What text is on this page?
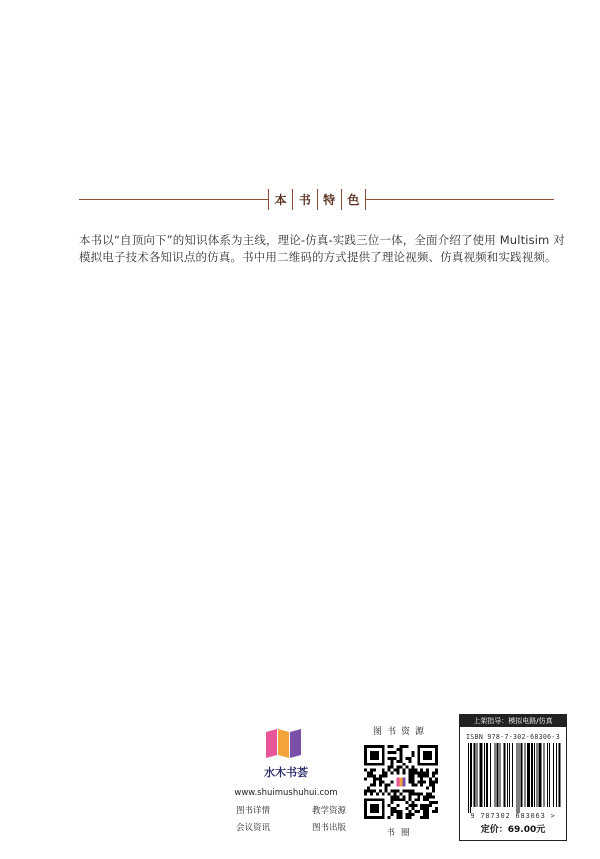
本	书	特	色

本书以“自顶向下”的知识体系为主线，理论-仿真-实践三位一体，全面介绍了使用 Multisim 对

模拟电子技术各知识点的仿真。书中用二维码的方式提供了理论视频、仿真视频和实践视频。

水木书荟
www.shuimushuhui.com
图书详情	教学资源
会议资讯	图书出版
图书资源
书圈
上架指导：模拟电路/仿真
ISBN 978-7-302-68306-3
9 787302 683063 >
定价：69.00元
